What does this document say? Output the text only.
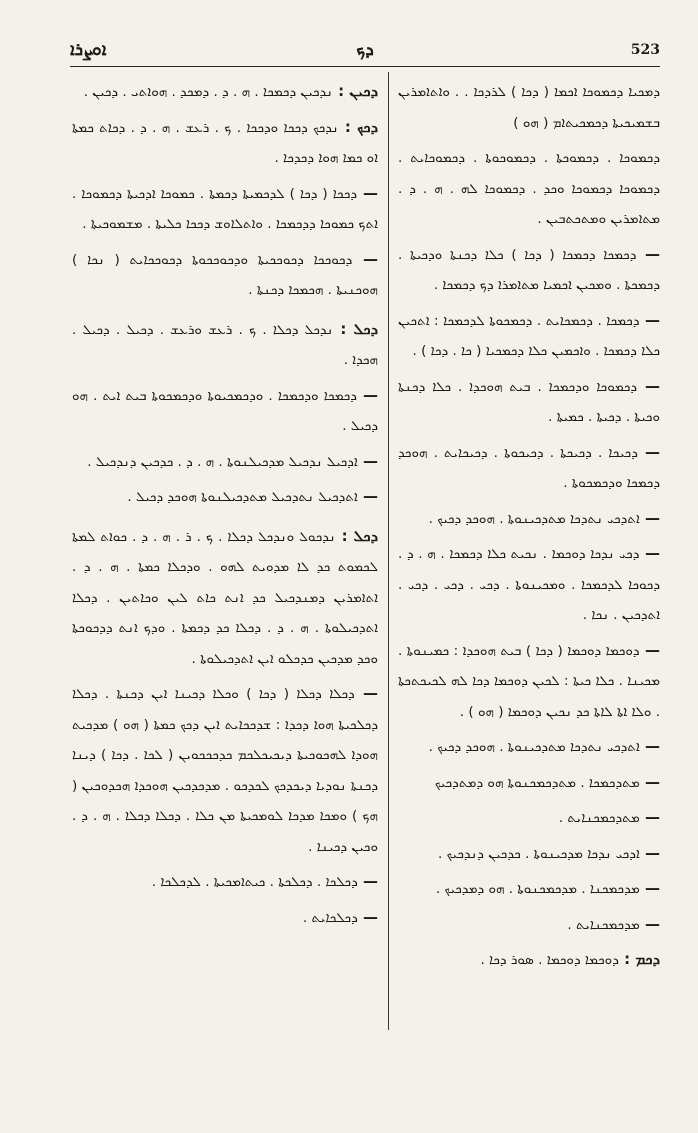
ܐܘܨܪܐ	ܕܟ	523

ܕܡܟܝܐ ܕܟܡܘܟܐ ܐܟܡܐ ( ܕܟܐ ) ܠܪܕܟܐ . . ܘܐܬܐܡܪܝܢ ܒܫܡܝܟܝܬܐ ܕܟܡܟܝܬܐܡ ( ܗܘ )

ܕܟܡܘܟܐ . ܕܟܡܘܟܬܐ . ܕܟܡܘܟܘܬܐ . ܕܟܡܘܟܐܝܬ . ܕܟܡܘܟܐ ܕܟܡܘܟܐ ܘܟܕ . ܕܟܡܘܟܐ ܠܗ . ܗ . ܕ . ܡܬܐܡܪܝܢ ܘܡܬܟܬܒܝܢ .

— ܕܟܡܟܐ ܕܟܡܟܐ ( ܕܟܐ ) ܟܠܐ ܕܟܢܬܐ ܘܕܟܝܬܐ . ܕܟܡܟܬܐ . ܘܡܟܝܢ ܐܟܡܝܐ ܡܬܐܡܪܐ ܕܟ ܕܟܡܟܐ .

— ܕܟܡܟܐ . ܕܟܡܟܐܝܬ . ܕܟܡܟܘܬܐ ܠܕܟܡܟܐ : ܐܬܟܝܢ ܟܠܐ ܕܟܡܟܐ . ܘܐܟܡܝܢ ܟܠܐ ܕܟܡܟܝܐ ( ܟܐ . ܕܟܐ ) .

— ܕܟܡܘܟܐ ܘܕܟܡܟܐ . ܒܝܬ ܗܘܟܕܐ . ܟܠܐ ܕܟܢܬܐ ܘܟܝܬܐ . ܕܟܝܬܐ . ܟܡܝܬܐ .

— ܕܟܝܟܐ . ܕܟܝܟܬܐ . ܕܟܝܟܘܬܐ . ܕܟܝܟܐܝܬ . ܗܘܟܕ ܕܟܡܟܐ ܘܕܟܡܟܘܬܐ .

— ܐܬܕܟܝ ܢܬܕܟܐ ܡܬܕܟܝܢܘܬܐ . ܗܘܟܕ ܕܟܝܟ .

— ܕܟܝ ܢܕܟܐ ܕܘܟܡܐ . ܢܟܝܬ ܟܠܐ ܕܟܡܟܐ . ܗ . ܕ . ܕܟܘܟܐ ܠܕܟܡܟܐ . ܘܡܟܝܢܘܬܐ . ܕܟܝ . ܕܟܝ . ܕܟܝ . ܐܬܕܟܝܢ . ܢܟܐ .

— ܕܘܟܡܐ ܕܘܟܡܐ ( ܕܟܐ ) ܒܝܬ ܗܘܟܕܐ : ܟܡܝܢܘܬܐ . ܡܟܝܢܐ . ܟܠܐ ܟܝܬܐ : ܠܟܝܢ ܕܘܟܡܐ ܕܟܐ ܠܗ ܠܟܝܟܬܟܬܐ . ܘܠܐ ܐܬܐ ܠܐܬܐ ܟܕ ܢܟܝܢ ܕܘܟܡܐ ( ܗܘ ) .

— ܐܬܕܟܝ ܢܬܕܟܐ ܡܬܕܟܝܢܘܬܐ . ܗܘܟܕ ܕܟܝܟ .

— ܡܬܕܟܡܟܐ . ܡܬܕܟܡܟܢܘܬܐ ܗܘ ܕܡܬܕܟܝܟ

— ܡܬܕܟܡܟܢܐܝܬ .

— ܐܕܟܝ ܢܕܟܐ ܡܕܟܝܢܘܬܐ . ܟܕܟܝܢ ܕܢܕܟܝܟ .

— ܡܕܟܡܟܢܐ . ܡܕܟܡܟܢܘܬܐ . ܗܘ ܕܡܕܟܝܟ .

— ܡܕܟܡܟܢܐܝܬ .

ܕܟܡ : ܕܘܟܡܐ ܕܘܟܡܐ . ܣܘܪ ܕܟܐ .

ܕܟܝܢ : ܢܕܟܝܢ ܕܟܡܟܐ . ܗ . ܕ . ܕܡܟܕ . ܗܘܐܬܝ . ܕܟܝܢ .

ܕܟܟ : ܢܕܟܟ ܕܟܟܐ ܘܕܟܟܐ . ܟ . ܪܥܫ . ܗ . ܕ . ܕܟܐܬ ܟܡܬܐ ܐܘ ܟܡܐ ܗܘܐ ܕܟܕܟܐ .

— ܕܟܟܐ ( ܕܟܐ ) ܠܕܟܡܝܬܐ ܕܟܡܬܐ . ܟܡܘܟܐ ܐܕܟܝܬܐ ܕܟܡܘܟܐ . ܐܬܟ ܟܡܘܟܐ ܕܕܟܡܟܐ . ܘܐܬܠܐܘܫ ܕܟܟܐ ܟܠܝܬܐ . ܡܫܡܘܟܝܬܐ .

— ܕܟܘܟܟܐ ܕܟܘܟܟܝܬܐ ܘܕܟܘܟܟܘܬܐ ܕܟܘܟܟܐܝܬ ( ܢܟܐ ) ܗܘܟܢܝܬܐ . ܗܟܡܟܐ ܕܟܢܬܐ .

ܕܟܠ : ܢܕܟܠ ܕܟܠܐ . ܟ . ܪܥܫ ܘܪܥܫ . ܕܟܝܠ . ܕܟܝܠ . ܗܟܕܐ .

— ܕܟܡܟܐ ܘܕܟܡܟܐ . ܘܕܟܡܟܝܘܬܐ ܘܕܟܡܟܘܬܐ ܒܝܬ ܐܝܬ . ܗܘ ܕܟܝܠ .

— ܐܕܟܝܠ ܢܕܟܝܠ ܡܕܟܝܠܢܘܬܐ . ܗ . ܕ . ܟܕܟܝܢ ܕܢܕܟܝܠ .

— ܐܬܕܟܝܠ ܢܬܕܟܝܠ ܡܬܕܟܝܠܢܘܬܐ ܗܘܟܕ ܕܟܝܠ .

ܕܟܠ : ܢܕܟܘܠ ܘܢܕܟܠ ܕܟܠܐ . ܟ . ܪ . ܗ . ܕ . ܟܘܐܬ ܠܡܬܐ ܠܟܡܘܬ ܟܕ ܠܐ ܡܕܘܝܬ ܠܗܘ . ܘܕܟܠܐ ܟܡܬܐ . ܗ . ܕ . ܐܬܐܡܪܝܢ ܕܡܢܕܟܝܠ ܟܕ ܐܢܬ ܟܐܬ ܠܝܢ ܘܟܐܬܝܢ . ܕܟܠܐ ܐܬܕܟܝܠܘܬܐ . ܗ . ܕ . ܕܟܠܐ ܟܕ ܕܟܡܬܐ . ܘܕܟ ܐܢܬ ܕܕܟܘܟܬܐ ܘܟܕ ܡܕܟܝܢ ܟܕܟܠܘ ܐܝܢ ܐܬܕܟܝܠܘܬܐ .

— ܕܟܠܐ ܕܟܠܐ ( ܕܟܐ ) ܘܟܠܐ ܕܟܝܢܐ ܐܝܢ ܕܟܢܬܐ . ܕܟܠܐ ܕܟܠܟܝܬܐ ܗܘܐ ܕܟܕܐ : ܫܕܟܟܐܝܬ ܐܝܢ ܕܟܟ ܟܡܬܐ ( ܗܘ ) ܡܕܟܝܬ ܗܘܕܐ ܠܗܟܘܟܝܬܐ ܕܝܟܝܟܠܟܡ ܟܕܟܟܟܘܝܢ ( ܠܟܐ . ܕܟܐ ) ܕܝܢܐ ܕܟܢܬܐ ܢܘܕܝܐ ܕܝܟܕܟܟ ܠܟܕܟܘ . ܡܕܟܕܟܝܢ ܗܘܟܕܐ ܗܟܕܘܟܝܢ ( ܗܟ ) ܘܡܟܐ ܡܕܟܐ ܠܘܡܟܝܬܐ ܡܢ ܟܠܐ . ܕܟܠܐ ܕܟܠܐ . ܗ . ܕ . ܘܟܝܢ ܕܟܝܢܐ .

— ܕܟܠܟܐ . ܕܟܠܟܬܐ . ܟܝܬܐܡܟܝܬܐ . ܠܕܟܠܟܐ .

— ܕܟܠܟܐܝܬ .
